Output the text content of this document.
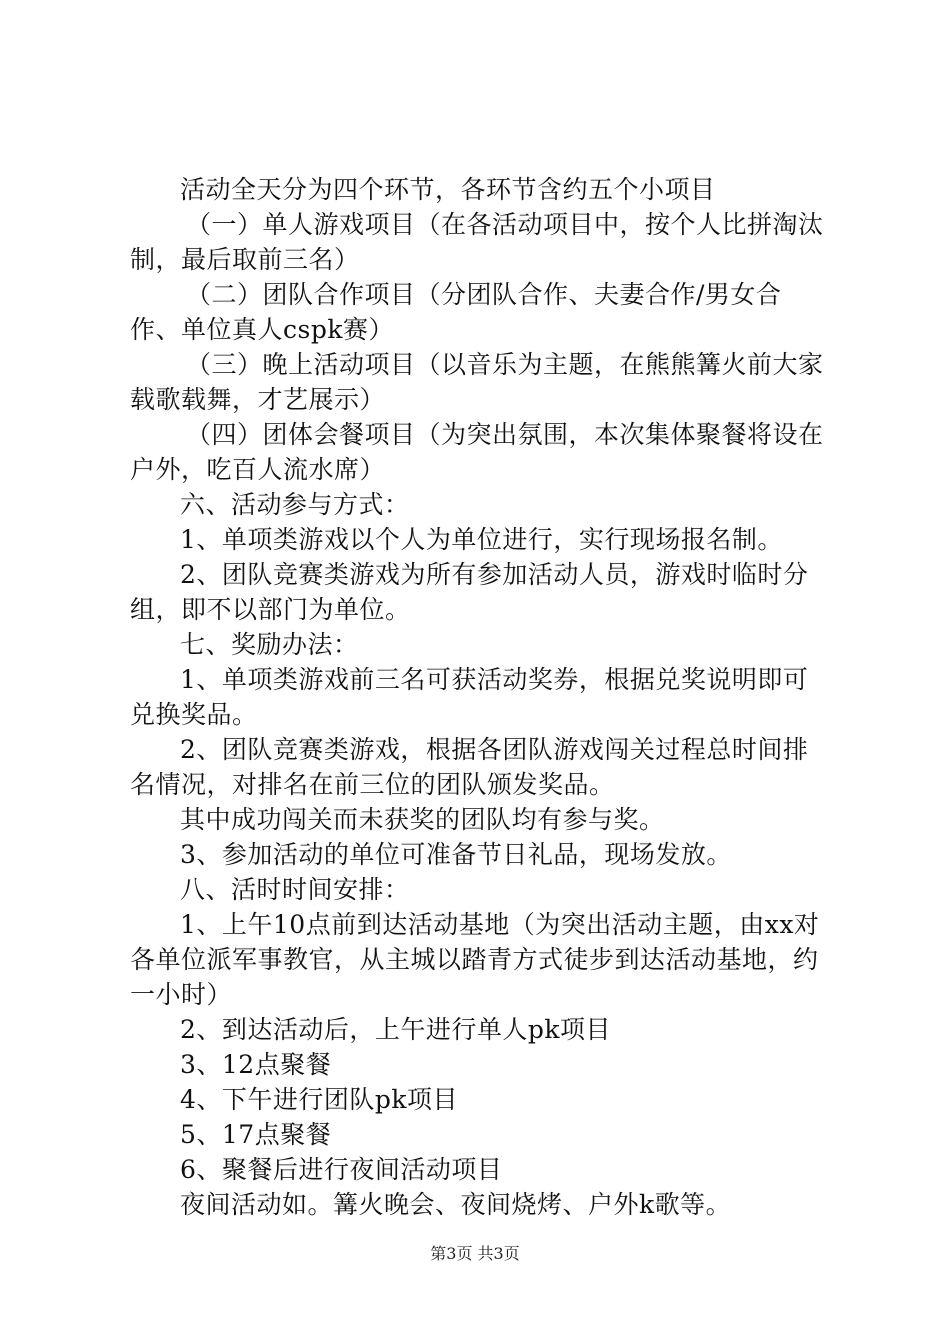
活动全天分为四个环节，各环节含约五个小项目

（一）单人游戏项目（在各活动项目中，按个人比拼淘汰制，最后取前三名）

（二）团队合作项目（分团队合作、夫妻合作/男女合作、单位真人cspk赛）

（三）晚上活动项目（以音乐为主题，在熊熊篝火前大家载歌载舞，才艺展示）

（四）团体会餐项目（为突出氛围，本次集体聚餐将设在户外，吃百人流水席）

六、活动参与方式：

1、单项类游戏以个人为单位进行，实行现场报名制。

2、团队竞赛类游戏为所有参加活动人员，游戏时临时分组，即不以部门为单位。

七、奖励办法：

1、单项类游戏前三名可获活动奖券，根据兑奖说明即可兑换奖品。

2、团队竞赛类游戏，根据各团队游戏闯关过程总时间排名情况，对排名在前三位的团队颁发奖品。

其中成功闯关而未获奖的团队均有参与奖。

3、参加活动的单位可准备节日礼品，现场发放。

八、活时时间安排：

1、上午10点前到达活动基地（为突出活动主题，由xx对各单位派军事教官，从主城以踏青方式徒步到达活动基地，约一小时）

2、到达活动后，上午进行单人pk项目

3、12点聚餐

4、下午进行团队pk项目

5、17点聚餐

6、聚餐后进行夜间活动项目

夜间活动如。篝火晚会、夜间烧烤、户外k歌等。

第3页 共3页
